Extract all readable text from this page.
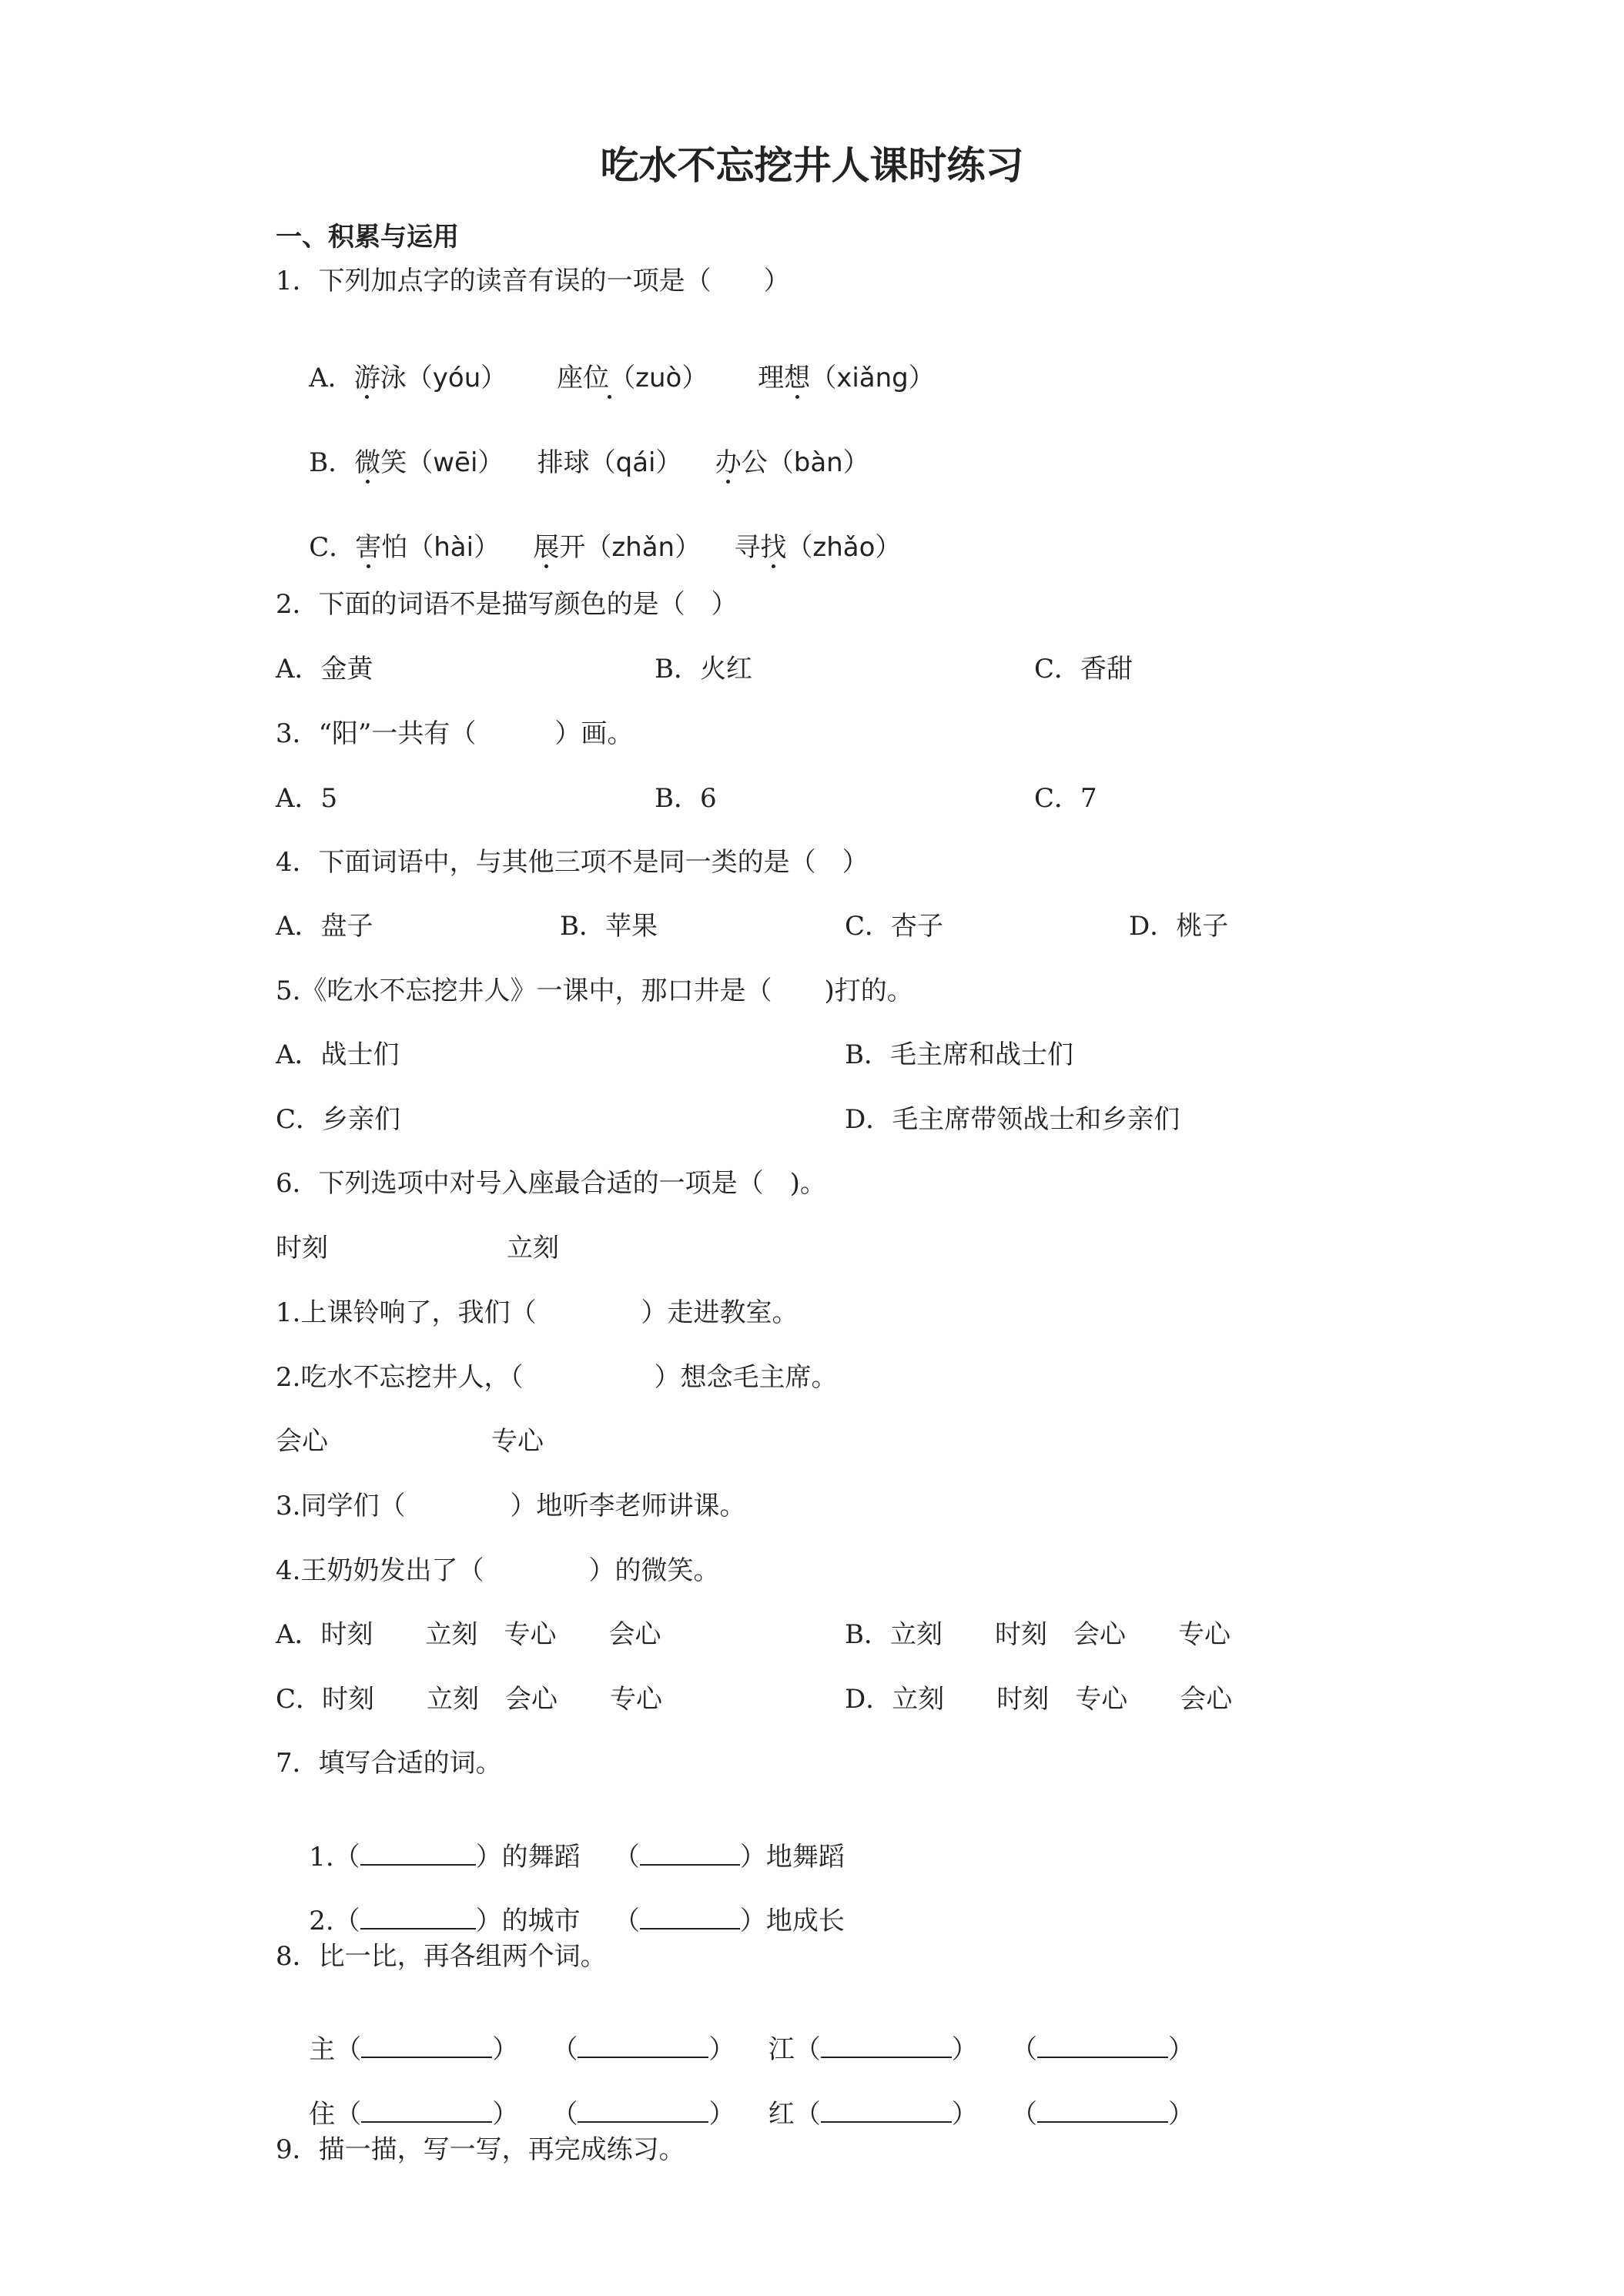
吃水不忘挖井人课时练习
一、积累与运用
1．下列加点字的读音有误的一项是（　　）

A．游泳（yóu） 座位（zuò） 理想（xiǎng）

B．微笑（wēi） 排球（qái） 办公（bàn）

C．害怕（hài） 展开（zhǎn） 寻找（zhǎo）

2．下面的词语不是描写颜色的是（　）
A．金黄	B．火红	C．香甜
3．“阳”一共有（　　　）画。
A．5	B．6	C．7
4．下面词语中，与其他三项不是同一类的是（　）
A．盘子	B．苹果	C．杏子	D．桃子
5.《吃水不忘挖井人》一课中，那口井是（　　)打的。
A．战士们	B．毛主席和战士们
C．乡亲们	D．毛主席带领战士和乡亲们
6．下列选项中对号入座最合适的一项是（　)。
时刻	立刻
1.上课铃响了，我们（　　　　）走进教室。
2.吃水不忘挖井人，（　　　　　）想念毛主席。
会心	专心
3.同学们（　　　　）地听李老师讲课。
4.王奶奶发出了（　　　　）的微笑。
A．时刻　　立刻　专心　　会心	B．立刻　　时刻　会心　　专心
C．时刻　　立刻　会心　　专心	D．立刻　　时刻　专心　　会心
7．填写合适的词。

1.（	）的舞蹈 （	）地舞蹈

2.（	）的城市 （	）地成长

8．比一比，再各组两个词。

主（	） （	） 江（	） （	）

住（	） （	） 红（	） （	）

9．描一描，写一写，再完成练习。
